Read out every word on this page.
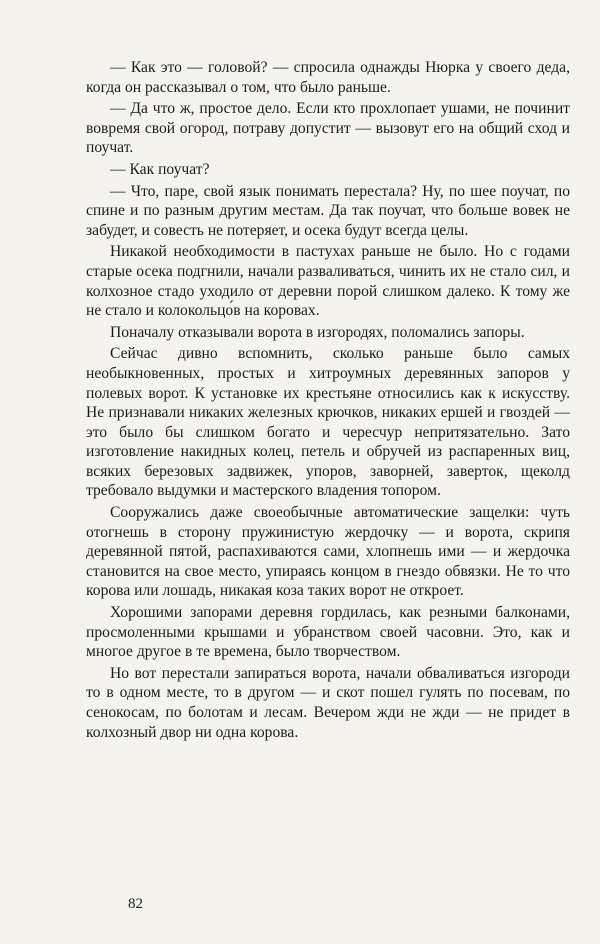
— Как это — головой? — спросила однажды Нюрка у своего деда, когда он рассказывал о том, что было раньше.

— Да что ж, простое дело. Если кто прохлопает ушами, не починит вовремя свой огород, потраву допустит — вызовут его на общий сход и поучат.

— Как поучат?

— Что, паре, свой язык понимать перестала? Ну, по шее поучат, по спине и по разным другим местам. Да так поучат, что больше вовек не забудет, и совесть не потеряет, и осека будут всегда целы.

Никакой необходимости в пастухах раньше не было. Но с годами старые осека подгнили, начали разваливаться, чинить их не стало сил, и колхозное стадо уходило от деревни порой слишком далеко. К тому же не стало и колокольцо́в на коровах.

Поначалу отказывали ворота в изгородях, поломались запоры.

Сейчас дивно вспомнить, сколько раньше было самых необыкновенных, простых и хитроумных деревянных запоров у полевых ворот. К установке их крестьяне относились как к искусству. Не признавали никаких железных крючков, никаких ершей и гвоздей — это было бы слишком богато и чересчур непритязательно. Зато изготовление накидных колец, петель и обручей из распаренных виц, всяких березовых задвижек, упоров, заворней, заверток, щеколд требовало выдумки и мастерского владения топором.

Сооружались даже своеобычные автоматические защелки: чуть отогнешь в сторону пружинистую жердочку — и ворота, скрипя деревянной пятой, распахиваются сами, хлопнешь ими — и жердочка становится на свое место, упираясь концом в гнездо обвязки. Не то что корова или лошадь, никакая коза таких ворот не откроет.

Хорошими запорами деревня гордилась, как резными балконами, просмоленными крышами и убранством своей часовни. Это, как и многое другое в те времена, было творчеством.

Но вот перестали запираться ворота, начали обваливаться изгороди то в одном месте, то в другом — и скот пошел гулять по посевам, по сенокосам, по болотам и лесам. Вечером жди не жди — не придет в колхозный двор ни одна корова.

82
